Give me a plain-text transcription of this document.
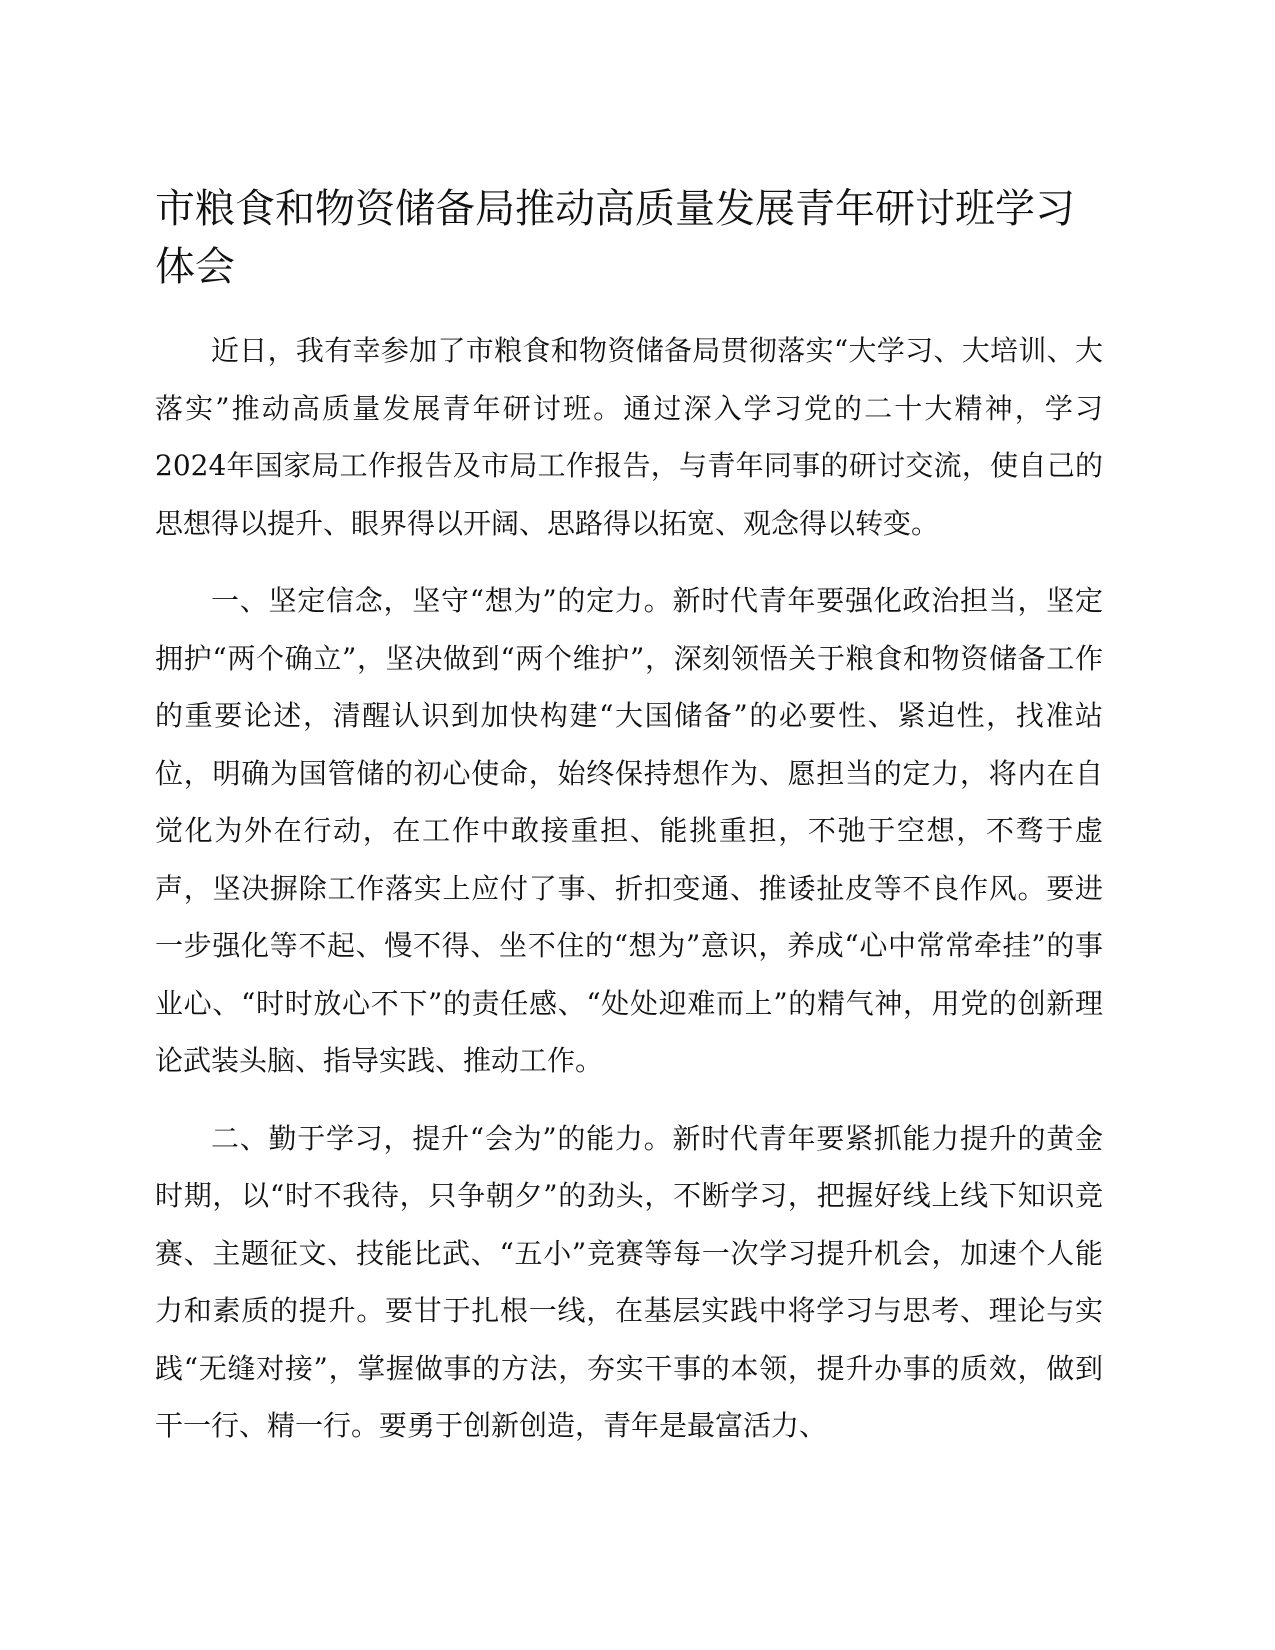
市粮食和物资储备局推动高质量发展青年研讨班学习体会

近日，我有幸参加了市粮食和物资储备局贯彻落实“大学习、大培训、大落实”推动高质量发展青年研讨班。通过深入学习党的二十大精神，学习2024年国家局工作报告及市局工作报告，与青年同事的研讨交流，使自己的思想得以提升、眼界得以开阔、思路得以拓宽、观念得以转变。

一、坚定信念，坚守“想为”的定力。新时代青年要强化政治担当，坚定拥护“两个确立”，坚决做到“两个维护”，深刻领悟关于粮食和物资储备工作的重要论述，清醒认识到加快构建“大国储备”的必要性、紧迫性，找准站位，明确为国管储的初心使命，始终保持想作为、愿担当的定力，将内在自觉化为外在行动，在工作中敢接重担、能挑重担，不弛于空想，不骛于虚声，坚决摒除工作落实上应付了事、折扣变通、推诿扯皮等不良作风。要进一步强化等不起、慢不得、坐不住的“想为”意识，养成“心中常常牵挂”的事业心、“时时放心不下”的责任感、“处处迎难而上”的精气神，用党的创新理论武装头脑、指导实践、推动工作。

二、勤于学习，提升“会为”的能力。新时代青年要紧抓能力提升的黄金时期，以“时不我待，只争朝夕”的劲头，不断学习，把握好线上线下知识竞赛、主题征文、技能比武、“五小”竞赛等每一次学习提升机会，加速个人能力和素质的提升。要甘于扎根一线，在基层实践中将学习与思考、理论与实践“无缝对接”，掌握做事的方法，夯实干事的本领，提升办事的质效，做到干一行、精一行。要勇于创新创造，青年是最富活力、
